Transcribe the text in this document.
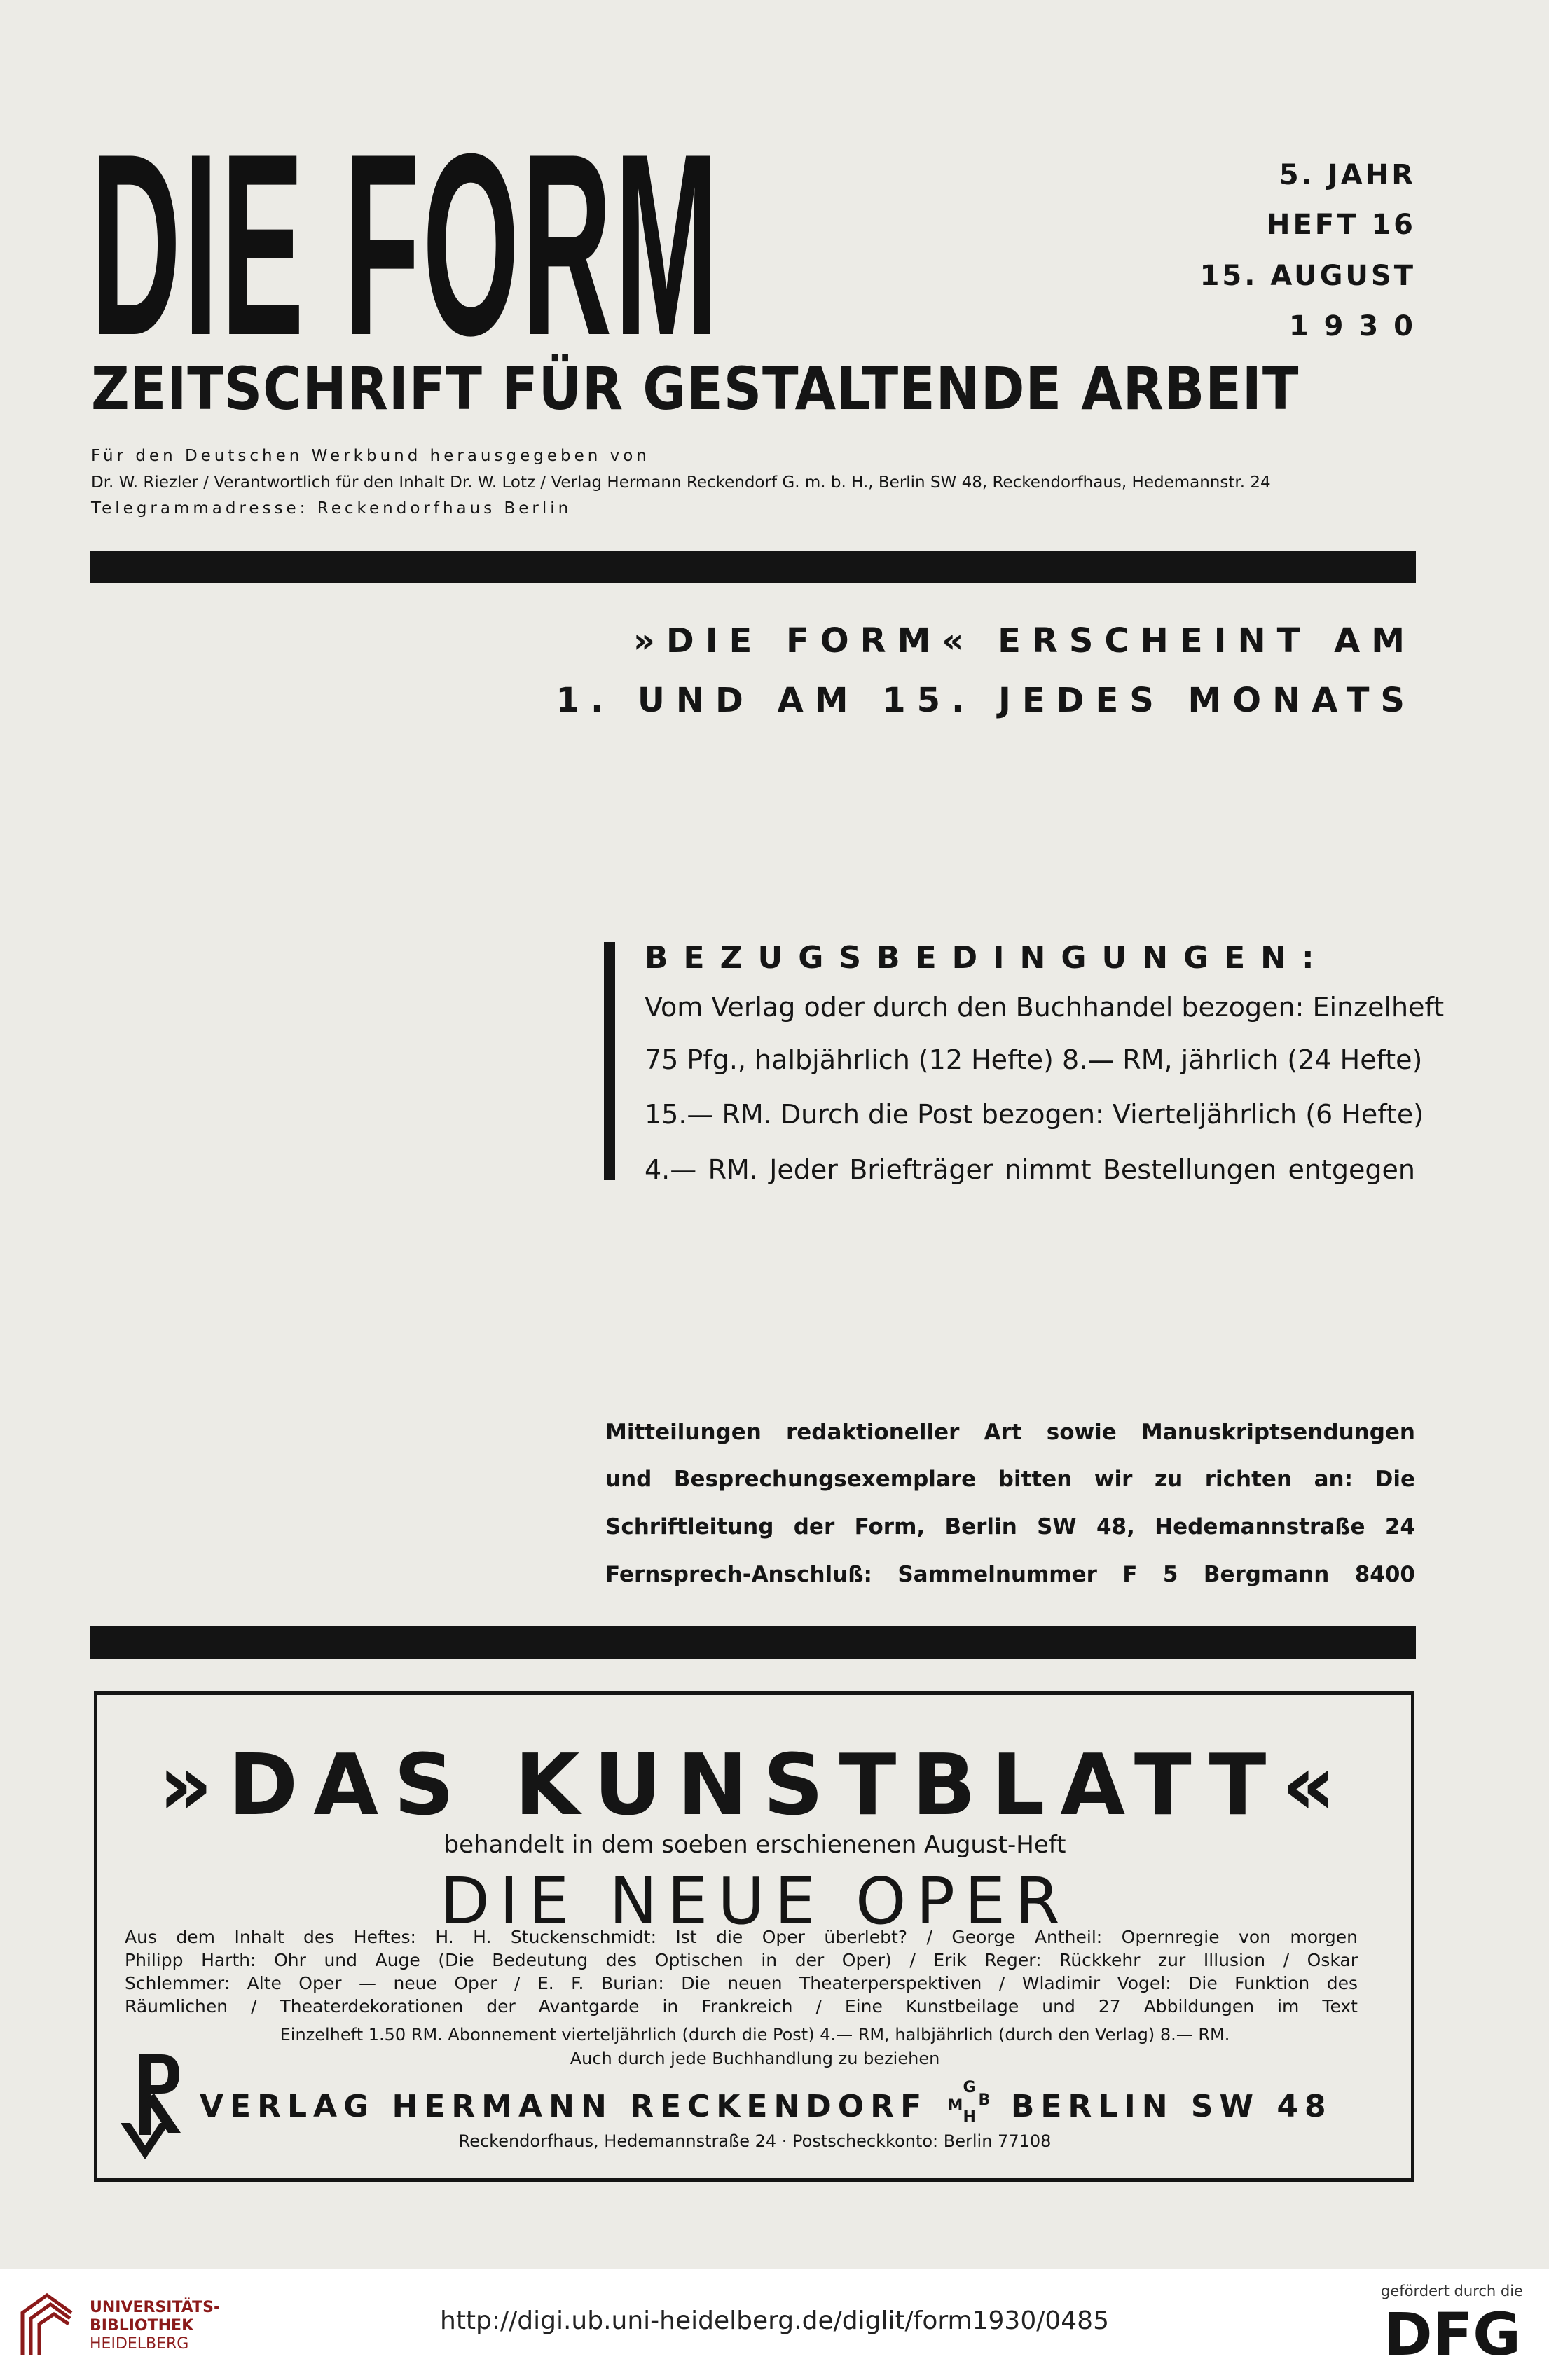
DIE FORM	5. JAHR
HEFT 16
15. AUGUST
1 9 3 0
ZEITSCHRIFT FÜR GESTALTENDE ARBEIT
Für den Deutschen Werkbund herausgegeben von
Dr. W. Riezler / Verantwortlich für den Inhalt Dr. W. Lotz / Verlag Hermann Reckendorf G. m. b. H., Berlin SW 48, Reckendorfhaus, Hedemannstr. 24
Telegrammadresse: Reckendorfhaus Berlin
»DIE FORM« ERSCHEINT AM
1. UND AM 15. JEDES MONATS
BEZUGSBEDINGUNGEN:
Vom Verlag oder durch den Buchhandel bezogen: Einzelheft
75 Pfg., halbjährlich (12 Hefte) 8.— RM, jährlich (24 Hefte)
15.— RM. Durch die Post bezogen: Vierteljährlich (6 Hefte)
4.— RM. Jeder Briefträger nimmt Bestellungen entgegen
Mitteilungen redaktioneller Art sowie Manuskriptsendungen
und Besprechungsexemplare bitten wir zu richten an: Die
Schriftleitung der Form, Berlin SW 48, Hedemannstraße 24
Fernsprech-Anschluß: Sammelnummer F 5 Bergmann 8400
»DAS KUNSTBLATT«
behandelt in dem soeben erschienenen August-Heft
DIE NEUE OPER
Aus dem Inhalt des Heftes: H. H. Stuckenschmidt: Ist die Oper überlebt? / George Antheil: Opernregie von morgen
Philipp Harth: Ohr und Auge (Die Bedeutung des Optischen in der Oper) / Erik Reger: Rückkehr zur Illusion / Oskar
Schlemmer: Alte Oper — neue Oper / E. F. Burian: Die neuen Theaterperspektiven / Wladimir Vogel: Die Funktion des
Räumlichen / Theaterdekorationen der Avantgarde in Frankreich / Eine Kunstbeilage und 27 Abbildungen im Text
Einzelheft 1.50 RM. Abonnement vierteljährlich (durch die Post) 4.— RM, halbjährlich (durch den Verlag) 8.— RM.
Auch durch jede Buchhandlung zu beziehen
VERLAG HERMANN RECKENDORF
G
M B
H BERLIN SW 48
Reckendorfhaus, Hedemannstraße 24 · Postscheckkonto: Berlin 77108
UNIVERSITÄTS-
BIBLIOTHEK
HEIDELBERG
http://digi.ub.uni-heidelberg.de/diglit/form1930/0485
gefördert durch die
DFG
